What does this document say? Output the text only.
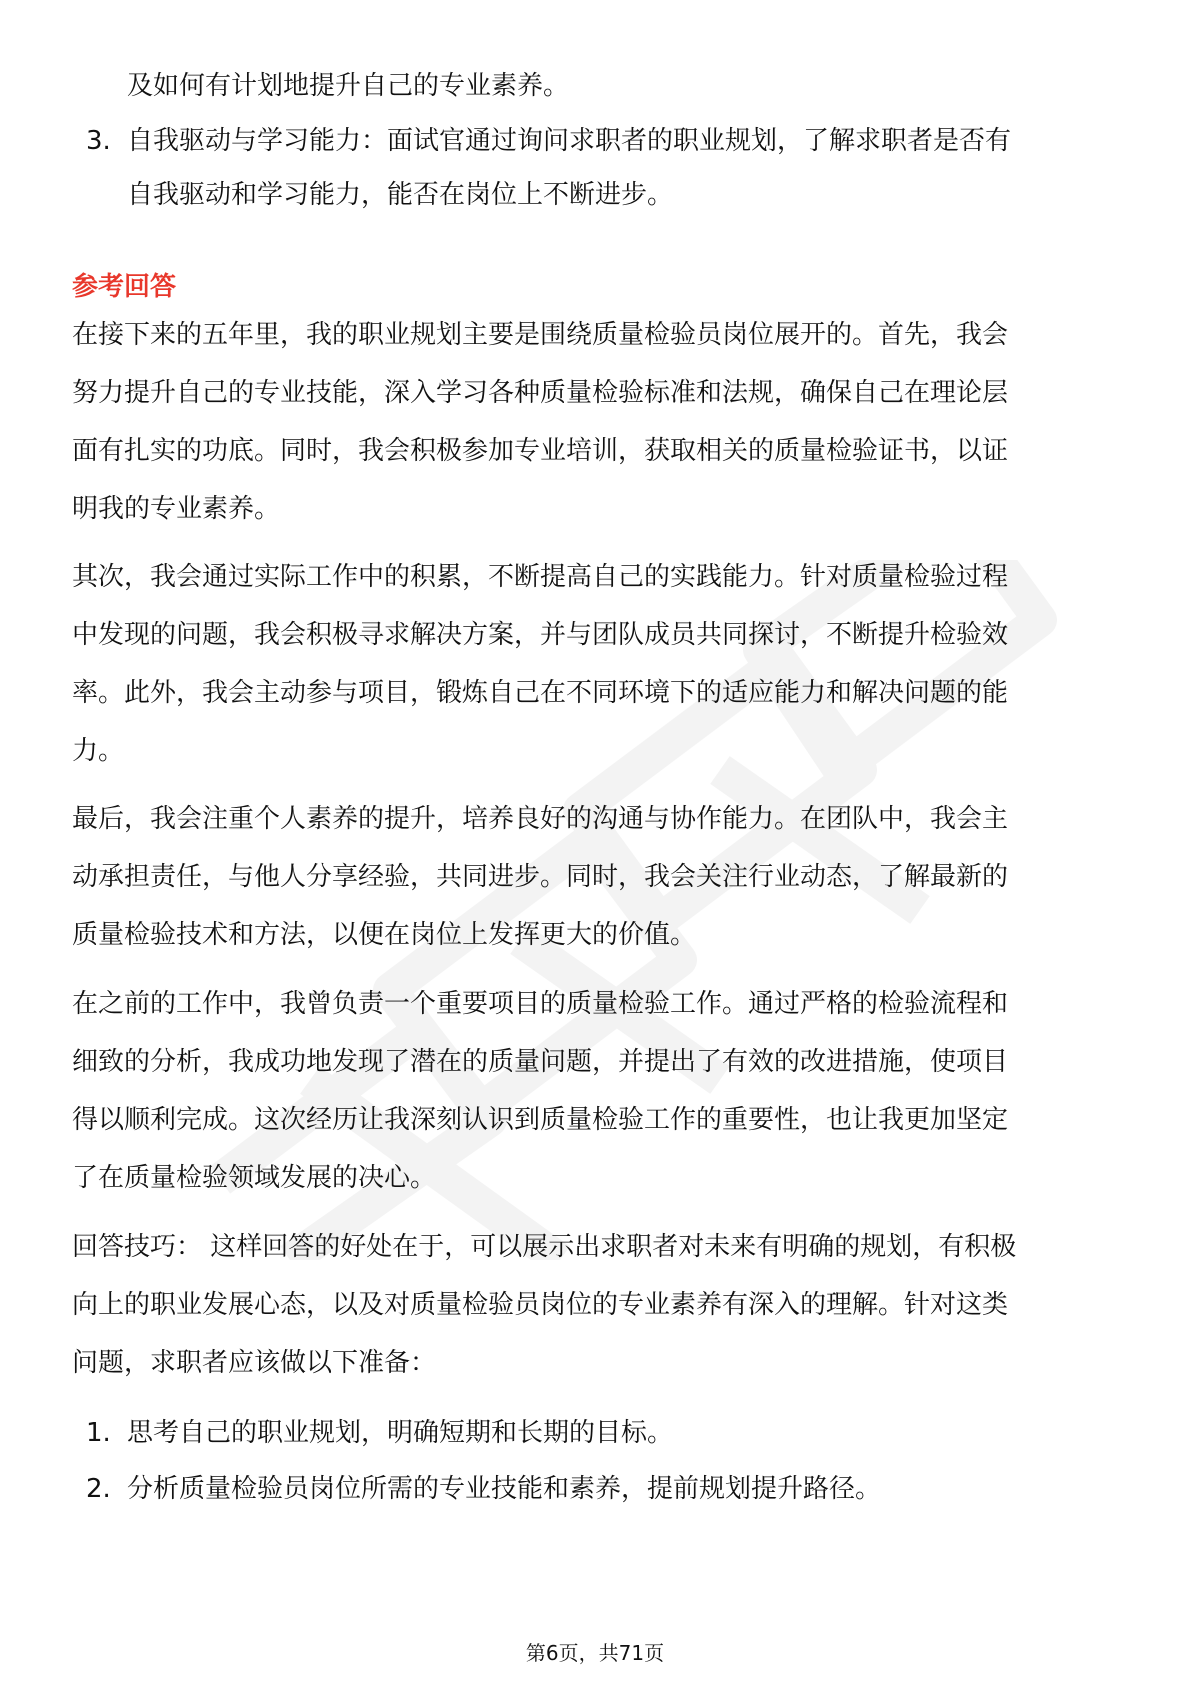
及如何有计划地提升自己的专业素养。
3. 自我驱动与学习能力：面试官通过询问求职者的职业规划，了解求职者是否有
自我驱动和学习能力，能否在岗位上不断进步。
参考回答
在接下来的五年里，我的职业规划主要是围绕质量检验员岗位展开的。首先，我会
努力提升自己的专业技能，深入学习各种质量检验标准和法规，确保自己在理论层
面有扎实的功底。同时，我会积极参加专业培训，获取相关的质量检验证书，以证
明我的专业素养。
其次，我会通过实际工作中的积累，不断提高自己的实践能力。针对质量检验过程
中发现的问题，我会积极寻求解决方案，并与团队成员共同探讨，不断提升检验效
率。此外，我会主动参与项目，锻炼自己在不同环境下的适应能力和解决问题的能
力。
最后，我会注重个人素养的提升，培养良好的沟通与协作能力。在团队中，我会主
动承担责任，与他人分享经验，共同进步。同时，我会关注行业动态，了解最新的
质量检验技术和方法，以便在岗位上发挥更大的价值。
在之前的工作中，我曾负责一个重要项目的质量检验工作。通过严格的检验流程和
细致的分析，我成功地发现了潜在的质量问题，并提出了有效的改进措施，使项目
得以顺利完成。这次经历让我深刻认识到质量检验工作的重要性，也让我更加坚定
了在质量检验领域发展的决心。
回答技巧： 这样回答的好处在于，可以展示出求职者对未来有明确的规划，有积极
向上的职业发展心态，以及对质量检验员岗位的专业素养有深入的理解。针对这类
问题，求职者应该做以下准备：
1. 思考自己的职业规划，明确短期和长期的目标。
2. 分析质量检验员岗位所需的专业技能和素养，提前规划提升路径。
第6页，共71页
